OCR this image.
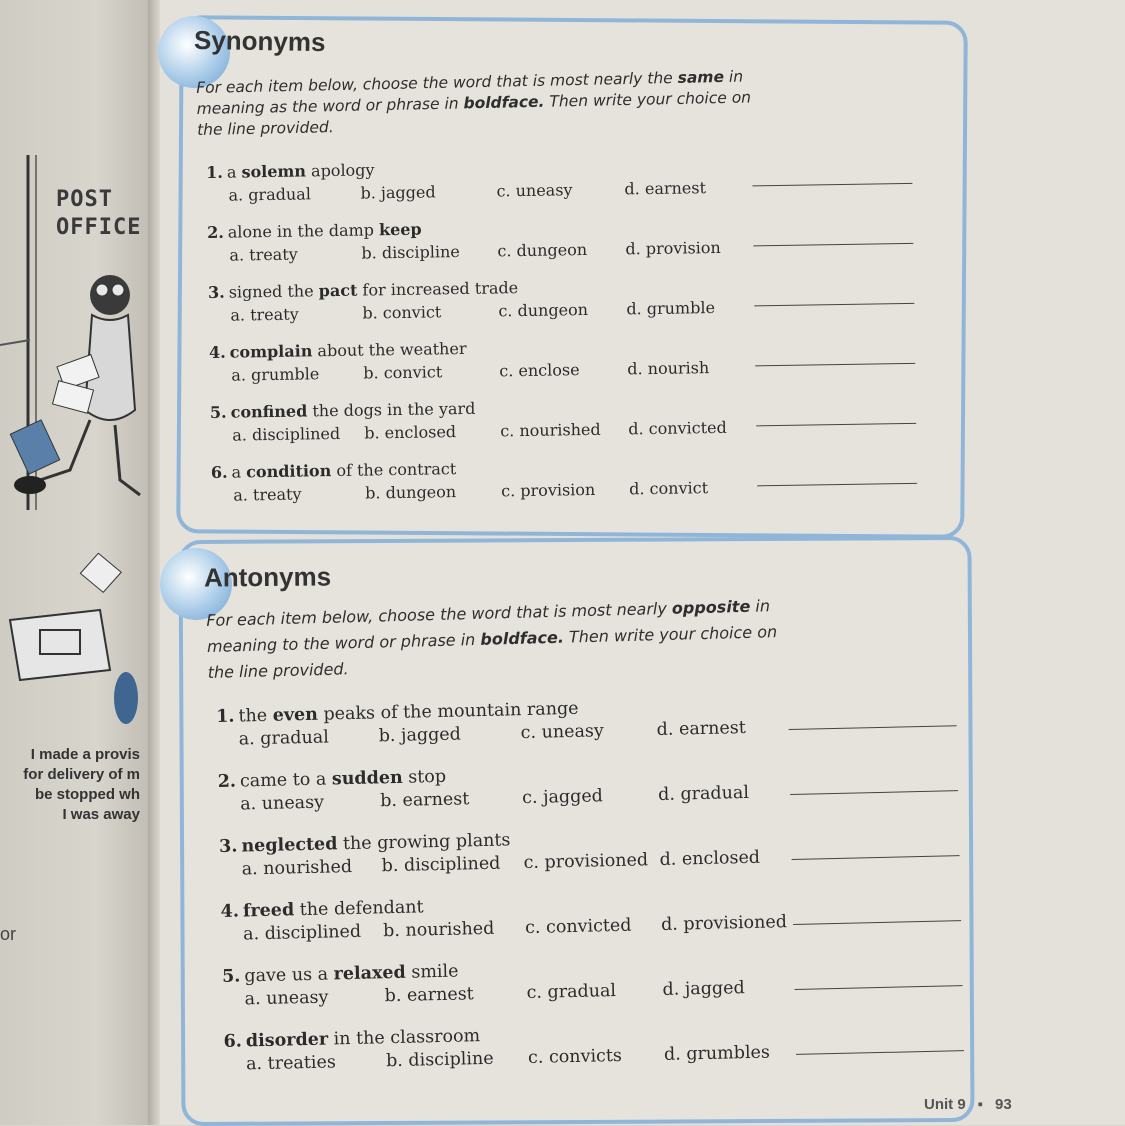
POST
OFFICE
I made a provis
for delivery of m
be stopped wh
I was away
or
Synonyms
For each item below, choose the word that is most nearly the same in meaning as the word or phrase in boldface. Then write your choice on the line provided.
1. a solemn apology
a. gradual	b. jagged	c. uneasy	d. earnest
2. alone in the damp keep
a. treaty	b. discipline c. dungeon d. provision
3. signed the pact for increased trade
a. treaty	b. convict	c. dungeon d. grumble
4. complain about the weather
a. grumble	b. convict	c. enclose	d. nourish
5. confined the dogs in the yard
a. disciplined b. enclosed	c. nourished d. convicted
6. a condition of the contract
a. treaty	b. dungeon	c. provision d. convict
Antonyms
For each item below, choose the word that is most nearly opposite in meaning to the word or phrase in boldface. Then write your choice on the line provided.
1. the even peaks of the mountain range
a. gradual	b. jagged	c. uneasy	d. earnest
2. came to a sudden stop
a. uneasy	b. earnest	c. jagged	d. gradual
3. neglected the growing plants
a. nourished b. disciplined c. provisioned d. enclosed
4. freed the defendant
a. disciplined b. nourished c. convicted d. provisioned
5. gave us a relaxed smile
a. uneasy	b. earnest	c. gradual	d. jagged
6. disorder in the classroom
a. treaties	b. discipline c. convicts d. grumbles
Unit 9 ▪ 93
